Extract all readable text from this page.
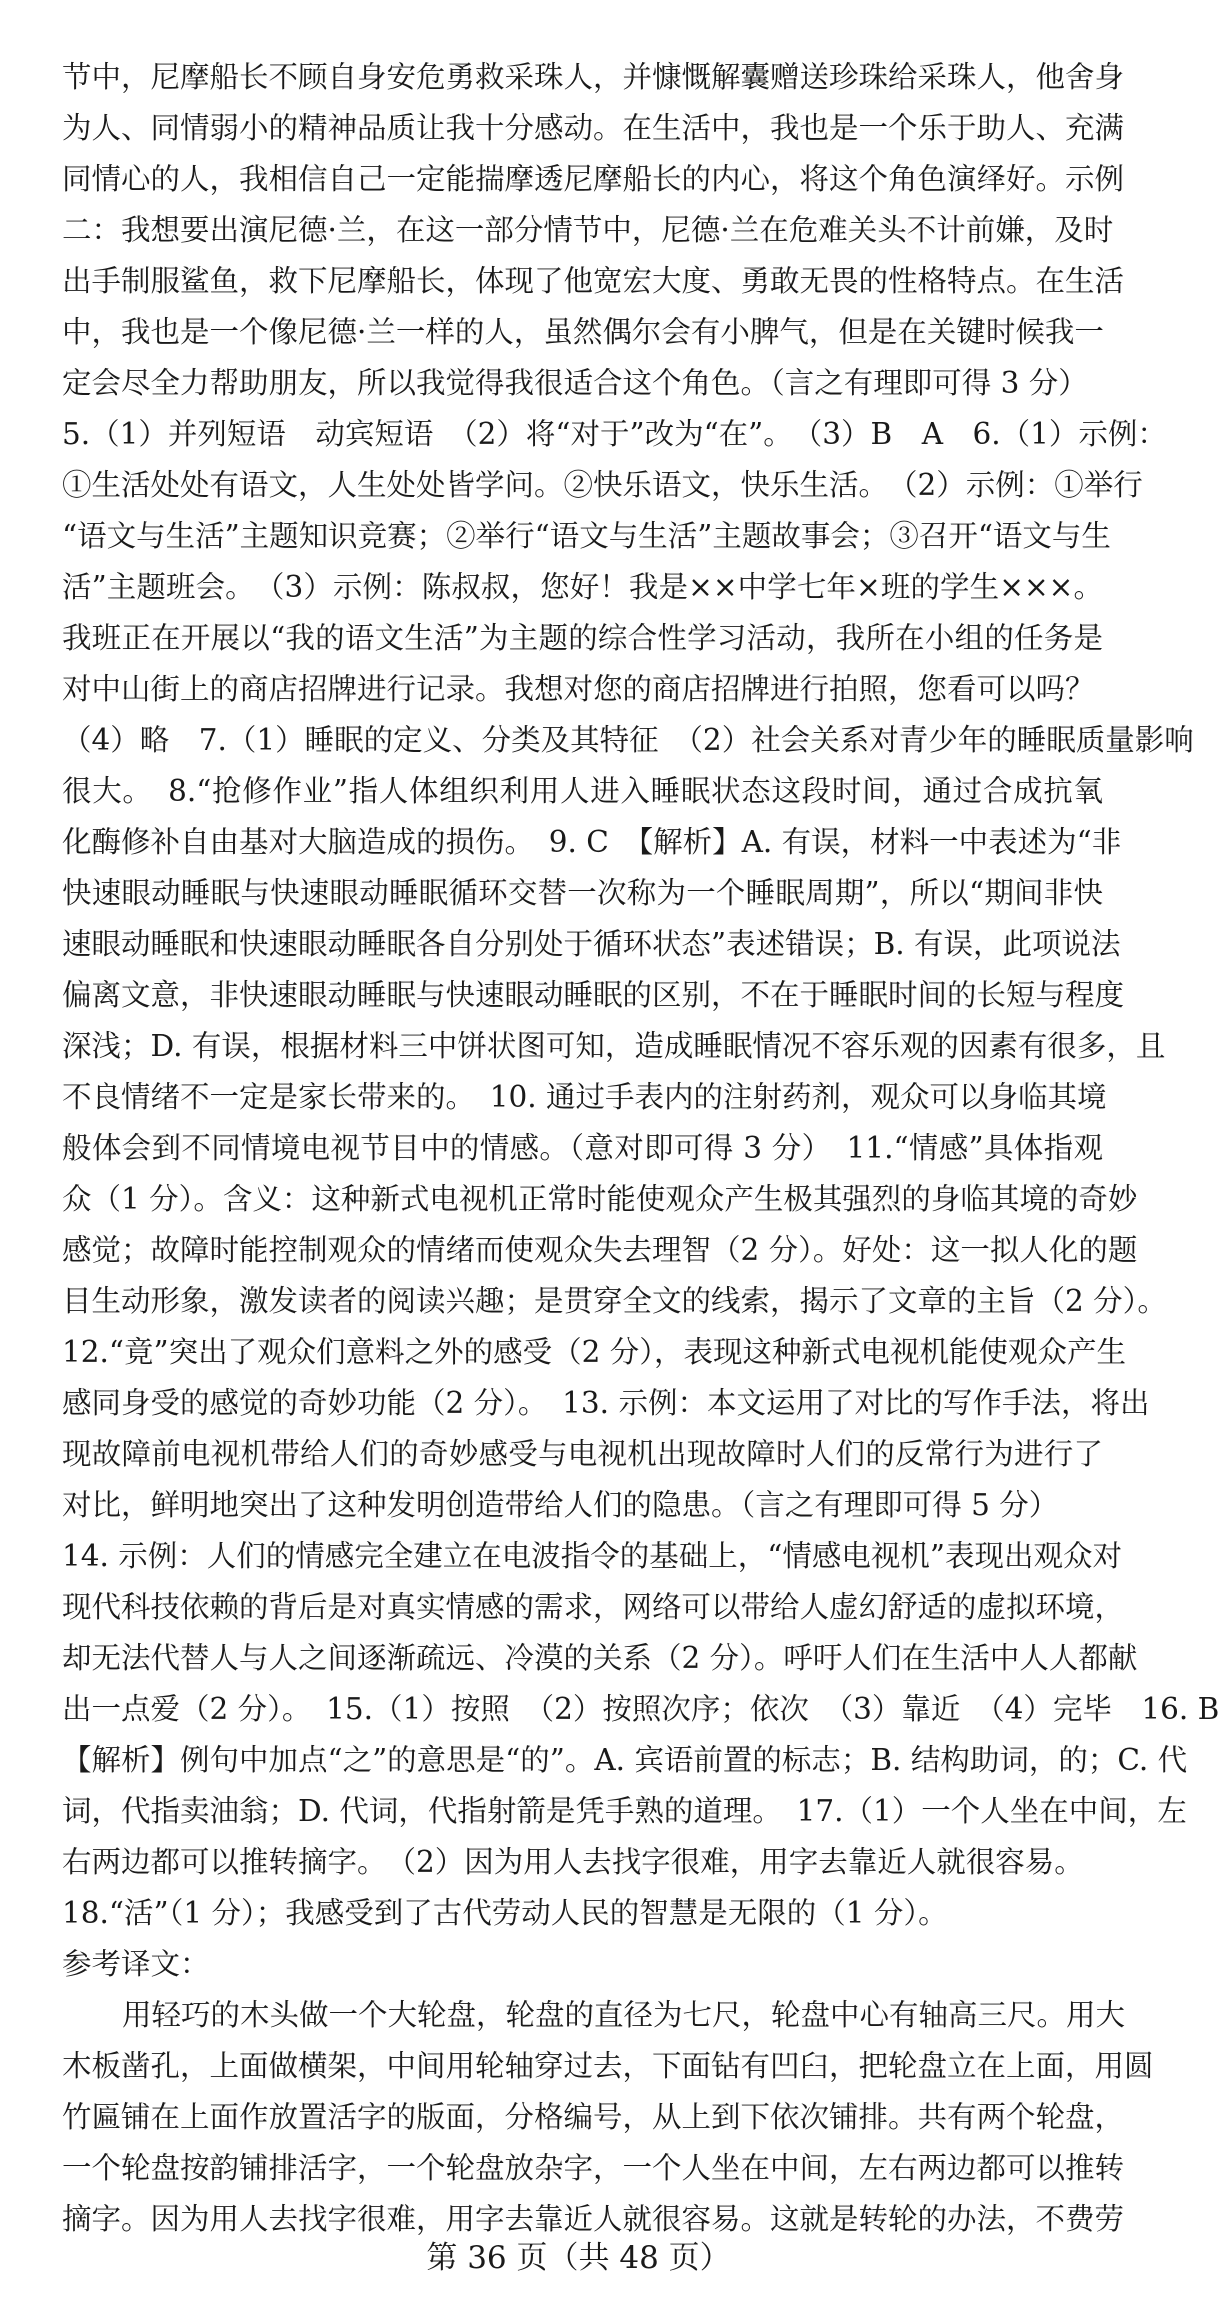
节中，尼摩船长不顾自身安危勇救采珠人，并慷慨解囊赠送珍珠给采珠人，他舍身
为人、同情弱小的精神品质让我十分感动。在生活中，我也是一个乐于助人、充满
同情心的人，我相信自己一定能揣摩透尼摩船长的内心，将这个角色演绎好。示例
二：我想要出演尼德·兰，在这一部分情节中，尼德·兰在危难关头不计前嫌，及时
出手制服鲨鱼，救下尼摩船长，体现了他宽宏大度、勇敢无畏的性格特点。在生活
中，我也是一个像尼德·兰一样的人，虽然偶尔会有小脾气，但是在关键时候我一
定会尽全力帮助朋友，所以我觉得我很适合这个角色。（言之有理即可得 3 分）
5.（1）并列短语　动宾短语　（2）将“对于”改为“在”。　（3）B　A　6.（1）示例：
①生活处处有语文，人生处处皆学问。②快乐语文，快乐生活。　（2）示例：①举行
“语文与生活”主题知识竞赛；②举行“语文与生活”主题故事会；③召开“语文与生
活”主题班会。　（3）示例：陈叔叔，您好！我是××中学七年×班的学生×××。
我班正在开展以“我的语文生活”为主题的综合性学习活动，我所在小组的任务是
对中山街上的商店招牌进行记录。我想对您的商店招牌进行拍照，您看可以吗？
（4）略　7.（1）睡眠的定义、分类及其特征　（2）社会关系对青少年的睡眠质量影响
很大。　8.“抢修作业”指人体组织利用人进入睡眠状态这段时间，通过合成抗氧
化酶修补自由基对大脑造成的损伤。　9. C　【解析】A. 有误，材料一中表述为“非
快速眼动睡眠与快速眼动睡眠循环交替一次称为一个睡眠周期”，所以“期间非快
速眼动睡眠和快速眼动睡眠各自分别处于循环状态”表述错误；B. 有误，此项说法
偏离文意，非快速眼动睡眠与快速眼动睡眠的区别，不在于睡眠时间的长短与程度
深浅；D. 有误，根据材料三中饼状图可知，造成睡眠情况不容乐观的因素有很多，且
不良情绪不一定是家长带来的。　10. 通过手表内的注射药剂，观众可以身临其境
般体会到不同情境电视节目中的情感。（意对即可得 3 分）　11.“情感”具体指观
众（1 分）。含义：这种新式电视机正常时能使观众产生极其强烈的身临其境的奇妙
感觉；故障时能控制观众的情绪而使观众失去理智（2 分）。好处：这一拟人化的题
目生动形象，激发读者的阅读兴趣；是贯穿全文的线索，揭示了文章的主旨（2 分）。
12.“竟”突出了观众们意料之外的感受（2 分），表现这种新式电视机能使观众产生
感同身受的感觉的奇妙功能（2 分）。　13. 示例：本文运用了对比的写作手法，将出
现故障前电视机带给人们的奇妙感受与电视机出现故障时人们的反常行为进行了
对比，鲜明地突出了这种发明创造带给人们的隐患。（言之有理即可得 5 分）
14. 示例：人们的情感完全建立在电波指令的基础上，“情感电视机”表现出观众对
现代科技依赖的背后是对真实情感的需求，网络可以带给人虚幻舒适的虚拟环境，
却无法代替人与人之间逐渐疏远、冷漠的关系（2 分）。呼吁人们在生活中人人都献
出一点爱（2 分）。　15.（1）按照　（2）按照次序；依次　（3）靠近　（4）完毕　16. B
【解析】例句中加点“之”的意思是“的”。A. 宾语前置的标志；B. 结构助词，的；C. 代
词，代指卖油翁；D. 代词，代指射箭是凭手熟的道理。　17.（1）一个人坐在中间，左
右两边都可以推转摘字。　（2）因为用人去找字很难，用字去靠近人就很容易。
18.“活”（1 分）；我感受到了古代劳动人民的智慧是无限的（1 分）。
参考译文：
用轻巧的木头做一个大轮盘，轮盘的直径为七尺，轮盘中心有轴高三尺。用大
木板凿孔，上面做横架，中间用轮轴穿过去，下面钻有凹臼，把轮盘立在上面，用圆
竹匾铺在上面作放置活字的版面，分格编号，从上到下依次铺排。共有两个轮盘，
一个轮盘按韵铺排活字，一个轮盘放杂字，一个人坐在中间，左右两边都可以推转
摘字。因为用人去找字很难，用字去靠近人就很容易。这就是转轮的办法，不费劳
第 36 页（共 48 页）
